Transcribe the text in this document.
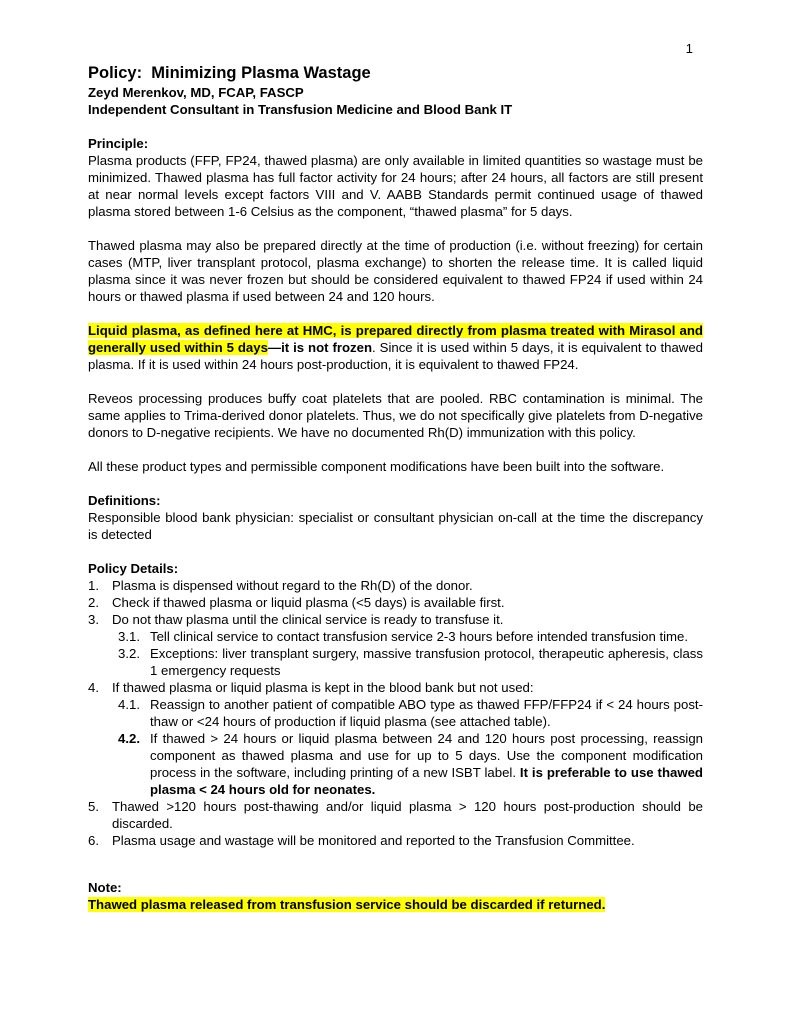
1
Policy:  Minimizing Plasma Wastage
Zeyd Merenkov, MD, FCAP, FASCP
Independent Consultant in Transfusion Medicine and Blood Bank IT
Principle:

Plasma products (FFP, FP24, thawed plasma) are only available in limited quantities so wastage must be minimized. Thawed plasma has full factor activity for 24 hours; after 24 hours, all factors are still present at near normal levels except factors VIII and V. AABB Standards permit continued usage of thawed plasma stored between 1-6 Celsius as the component, “thawed plasma” for 5 days.

Thawed plasma may also be prepared directly at the time of production (i.e. without freezing) for certain cases (MTP, liver transplant protocol, plasma exchange) to shorten the release time. It is called liquid plasma since it was never frozen but should be considered equivalent to thawed FP24 if used within 24 hours or thawed plasma if used between 24 and 120 hours.

Liquid plasma, as defined here at HMC, is prepared directly from plasma treated with Mirasol and generally used within 5 days—it is not frozen. Since it is used within 5 days, it is equivalent to thawed plasma. If it is used within 24 hours post-production, it is equivalent to thawed FP24.

Reveos processing produces buffy coat platelets that are pooled. RBC contamination is minimal. The same applies to Trima-derived donor platelets. Thus, we do not specifically give platelets from D-negative donors to D-negative recipients. We have no documented Rh(D) immunization with this policy.

All these product types and permissible component modifications have been built into the software.

Definitions:

Responsible blood bank physician: specialist or consultant physician on-call at the time the discrepancy is detected

Policy Details:
1. Plasma is dispensed without regard to the Rh(D) of the donor.
2. Check if thawed plasma or liquid plasma (<5 days) is available first.
3. Do not thaw plasma until the clinical service is ready to transfuse it.
3.1. Tell clinical service to contact transfusion service 2-3 hours before intended transfusion time.
3.2. Exceptions: liver transplant surgery, massive transfusion protocol, therapeutic apheresis, class 1 emergency requests
4. If thawed plasma or liquid plasma is kept in the blood bank but not used:
4.1. Reassign to another patient of compatible ABO type as thawed FFP/FFP24 if < 24 hours post-thaw or <24 hours of production if liquid plasma (see attached table).
4.2. If thawed > 24 hours or liquid plasma between 24 and 120 hours post processing, reassign component as thawed plasma and use for up to 5 days. Use the component modification process in the software, including printing of a new ISBT label. It is preferable to use thawed plasma < 24 hours old for neonates.
5. Thawed >120 hours post-thawing and/or liquid plasma > 120 hours post-production should be discarded.
6. Plasma usage and wastage will be monitored and reported to the Transfusion Committee.
Note:
Thawed plasma released from transfusion service should be discarded if returned.
